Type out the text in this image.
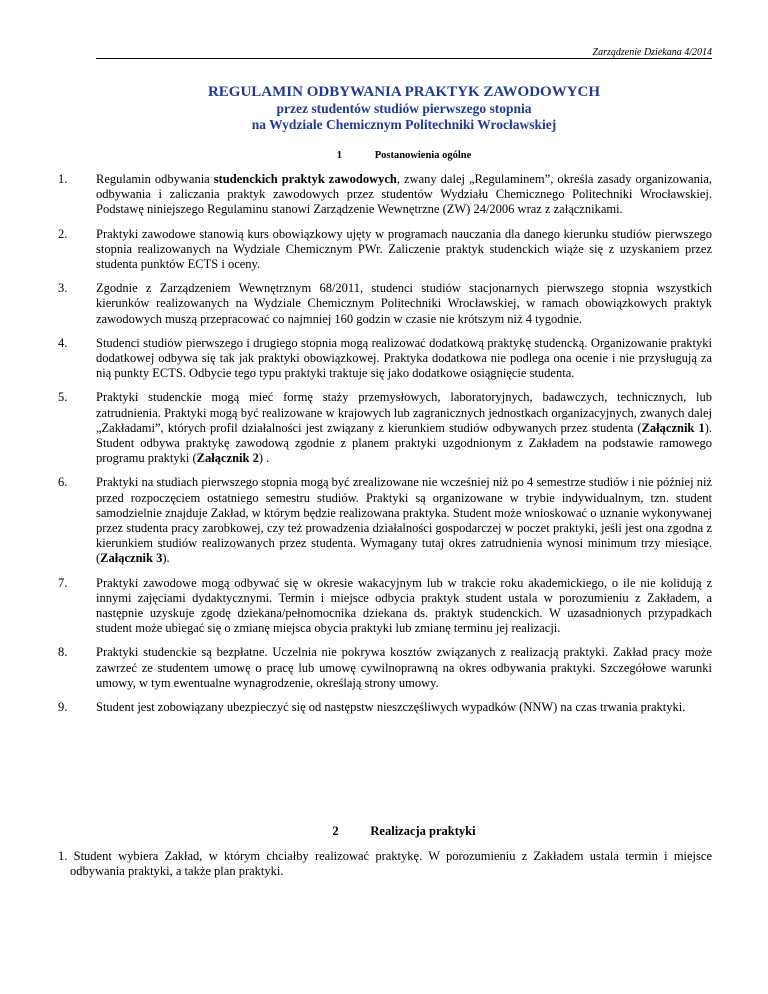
Zarządzenie Dziekana 4/2014
REGULAMIN ODBYWANIA PRAKTYK ZAWODOWYCH
przez studentów studiów pierwszego stopnia
na Wydziale Chemicznym Politechniki Wrocławskiej
1	Postanowienia ogólne
1. Regulamin odbywania studenckich praktyk zawodowych, zwany dalej „Regulaminem”, określa zasady organizowania, odbywania i zaliczania praktyk zawodowych przez studentów Wydziału Chemicznego Politechniki Wrocławskiej. Podstawę niniejszego Regulaminu stanowi Zarządzenie Wewnętrzne (ZW) 24/2006 wraz z załącznikami.
2. Praktyki zawodowe stanowią kurs obowiązkowy ujęty w programach nauczania dla danego kierunku studiów pierwszego stopnia realizowanych na Wydziale Chemicznym PWr. Zaliczenie praktyk studenckich wiąże się z uzyskaniem przez studenta punktów ECTS i oceny.
3. Zgodnie z Zarządzeniem Wewnętrznym 68/2011, studenci studiów stacjonarnych pierwszego stopnia wszystkich kierunków realizowanych na Wydziale Chemicznym Politechniki Wrocławskiej, w ramach obowiązkowych praktyk zawodowych muszą przepracować co najmniej 160 godzin w czasie nie krótszym niż 4 tygodnie.
4. Studenci studiów pierwszego i drugiego stopnia mogą realizować dodatkową praktykę studencką. Organizowanie praktyki dodatkowej odbywa się tak jak praktyki obowiązkowej. Praktyka dodatkowa nie podlega ona ocenie i nie przysługują za nią punkty ECTS. Odbycie tego typu praktyki traktuje się jako dodatkowe osiągnięcie studenta.
5. Praktyki studenckie mogą mieć formę staży przemysłowych, laboratoryjnych, badawczych, technicznych, lub zatrudnienia. Praktyki mogą być realizowane w krajowych lub zagranicznych jednostkach organizacyjnych, zwanych dalej „Zakładami”, których profil działalności jest związany z kierunkiem studiów odbywanych przez studenta (Załącznik 1). Student odbywa praktykę zawodową zgodnie z planem praktyki uzgodnionym z Zakładem na podstawie ramowego programu praktyki (Załącznik 2) .
6. Praktyki na studiach pierwszego stopnia mogą być zrealizowane nie wcześniej niż po 4 semestrze studiów i nie później niż przed rozpoczęciem ostatniego semestru studiów. Praktyki są organizowane w trybie indywidualnym, tzn. student samodzielnie znajduje Zakład, w którym będzie realizowana praktyka. Student może wnioskować o uznanie wykonywanej przez studenta pracy zarobkowej, czy też prowadzenia działalności gospodarczej w poczet praktyki, jeśli jest ona zgodna z kierunkiem studiów realizowanych przez studenta. Wymagany tutaj okres zatrudnienia wynosi minimum trzy miesiące. (Załącznik 3).
7. Praktyki zawodowe mogą odbywać się w okresie wakacyjnym lub w trakcie roku akademickiego, o ile nie kolidują z innymi zajęciami dydaktycznymi. Termin i miejsce odbycia praktyk student ustala w porozumieniu z Zakładem, a następnie uzyskuje zgodę dziekana/pełnomocnika dziekana ds. praktyk studenckich. W uzasadnionych przypadkach student może ubiegać się o zmianę miejsca obycia praktyki lub zmianę terminu jej realizacji.
8. Praktyki studenckie są bezpłatne. Uczelnia nie pokrywa kosztów związanych z realizacją praktyki. Zakład pracy może zawrzeć ze studentem umowę o pracę lub umowę cywilnoprawną na okres odbywania praktyki. Szczegółowe warunki umowy, w tym ewentualne wynagrodzenie, określają strony umowy.
9. Student jest zobowiązany ubezpieczyć się od następstw nieszczęśliwych wypadków (NNW) na czas trwania praktyki.
2	Realizacja praktyki
1. Student wybiera Zakład, w którym chciałby realizować praktykę. W porozumieniu z Zakładem ustala termin i miejsce odbywania praktyki, a także plan praktyki.
